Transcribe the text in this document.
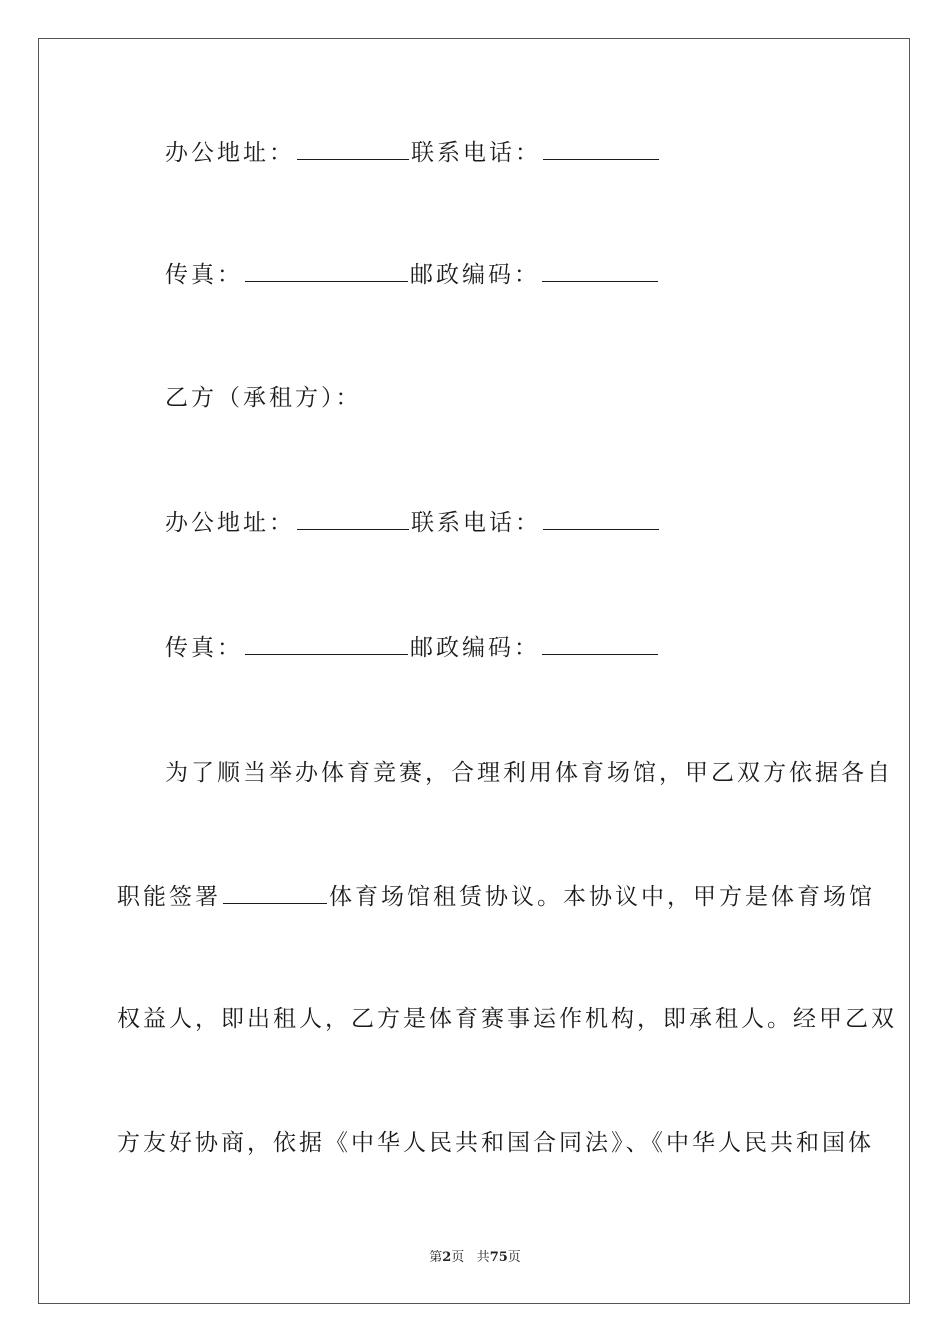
办公地址：	联系电话：
传真：	邮政编码：
乙方（承租方）：
办公地址：	联系电话：
传真：	邮政编码：
为了顺当举办体育竞赛，合理利用体育场馆，甲乙双方依据各自
职能签署	体育场馆租赁协议。本协议中，甲方是体育场馆
权益人，即出租人，乙方是体育赛事运作机构，即承租人。经甲乙双
方友好协商，依据《中华人民共和国合同法》、《中华人民共和国体
第2页 共75页
